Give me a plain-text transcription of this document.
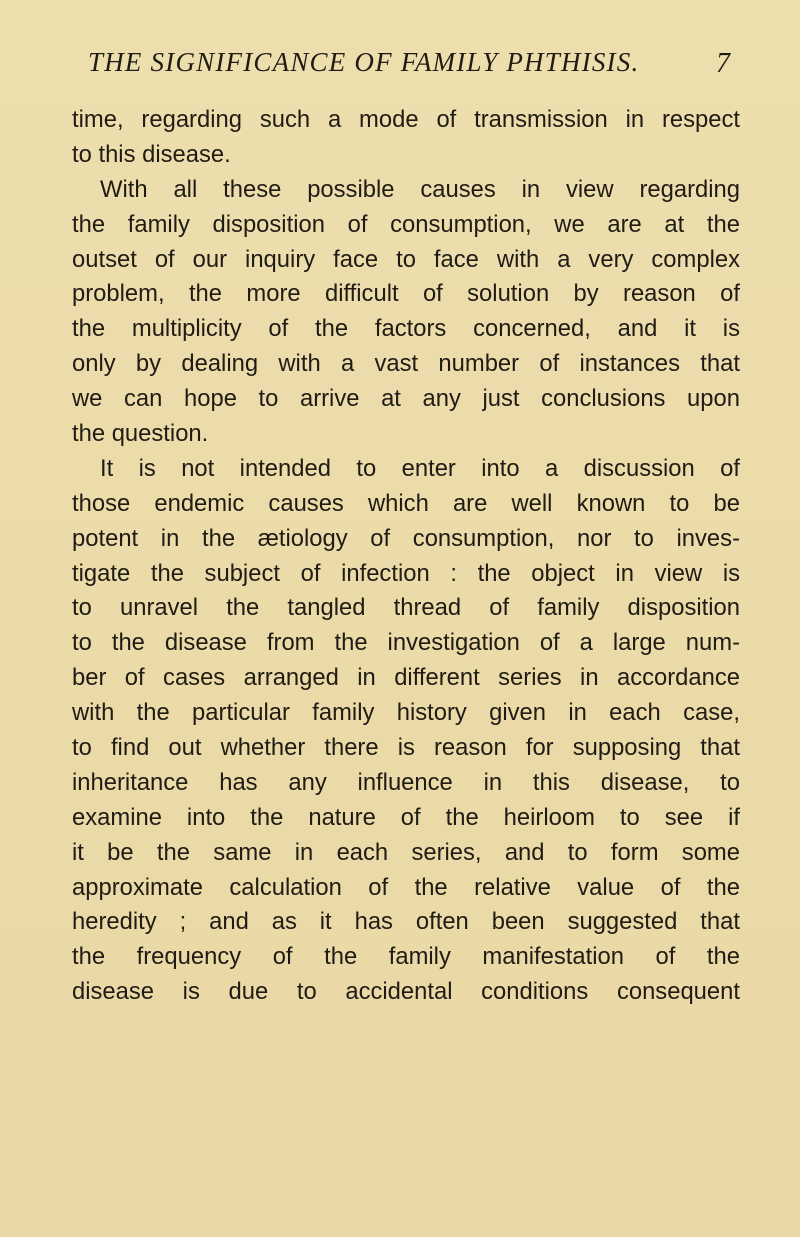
THE SIGNIFICANCE OF FAMILY PHTHISIS.	7
time, regarding such a mode of transmission in respect
to this disease.
With all these possible causes in view regarding
the family disposition of consumption, we are at the
outset of our inquiry face to face with a very complex
problem, the more difficult of solution by reason of
the multiplicity of the factors concerned, and it is
only by dealing with a vast number of instances that
we can hope to arrive at any just conclusions upon
the question.
It is not intended to enter into a discussion of
those endemic causes which are well known to be
potent in the ætiology of consumption, nor to inves-
tigate the subject of infection : the object in view is
to unravel the tangled thread of family disposition
to the disease from the investigation of a large num-
ber of cases arranged in different series in accordance
with the particular family history given in each case,
to find out whether there is reason for supposing that
inheritance has any influence in this disease, to
examine into the nature of the heirloom to see if
it be the same in each series, and to form some
approximate calculation of the relative value of the
heredity ; and as it has often been suggested that
the frequency of the family manifestation of the
disease is due to accidental conditions consequent
